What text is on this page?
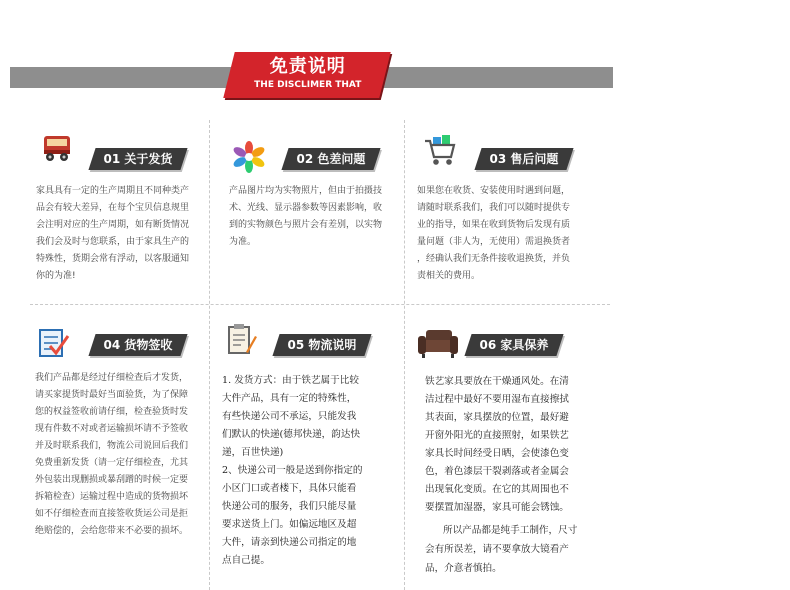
免责说明
THE DISCLIMER THAT
01 关于发货
家具具有一定的生产周期且不同种类产
品会有较大差异，在每个宝贝信息规里
会注明对应的生产周期，如有断货情况
我们会及时与您联系，由于家具生产的
特殊性，货期会常有浮动，以客服通知
你的为准!
02 色差问题
产品图片均为实物照片，但由于拍摄技
术、光线、显示器参数等因素影响，收
到的实物颜色与照片会有差别，以实物
为准。
03 售后问题
如果您在收货、安装使用时遇到问题，
请随时联系我们，我们可以随时提供专
业的指导，如果在收到货物后发现有质
量问题（非人为，无使用）需退换货者
，经确认我们无条件接收退换货，并负
责相关的费用。
04 货物签收
我们产品都是经过仔细检查后才发货，
请买家提货时最好当面验货，为了保障
您的权益签收前请仔细，检查验货时发
现有件数不对或者运输损坏请不予签收
并及时联系我们，物流公司说回后我们
免费重新发货（请一定仔细检查，尤其
外包装出现删损或暴刮蹭的时候一定要
拆箱检查）运输过程中造成的货物损坏
如不仔细检查而直接签收货运公司是拒
绝赔偿的，会给您带来不必要的损坏。
05 物流说明
1. 发货方式：由于铁艺属于比较
大件产品，具有一定的特殊性，
有些快递公司不承运，只能发我
们默认的快递(德邦快递，韵达快
递，百世快递)
2、快递公司一般是送到你指定的
小区门口或者楼下，具体只能看
快递公司的服务，我们只能尽量
要求送货上门。如偏远地区及超
大件，请亲到快递公司指定的地
点自己提。
06 家具保养
铁艺家具要放在干燥通风处。在清
洁过程中最好不要用湿布直接擦拭
其表面，家具摆放的位置，最好避
开窗外阳光的直接照射，如果铁艺
家具长时间经受日晒，会使漆色变
色，着色漆层干裂剥落或者金属会
出现氧化变质。在它的其周围也不
要摆置加湿器，家具可能会锈蚀。
所以产品都是纯手工制作，尺寸
会有所误差，请不要拿放大镜看产
品，介意者慎拍。
